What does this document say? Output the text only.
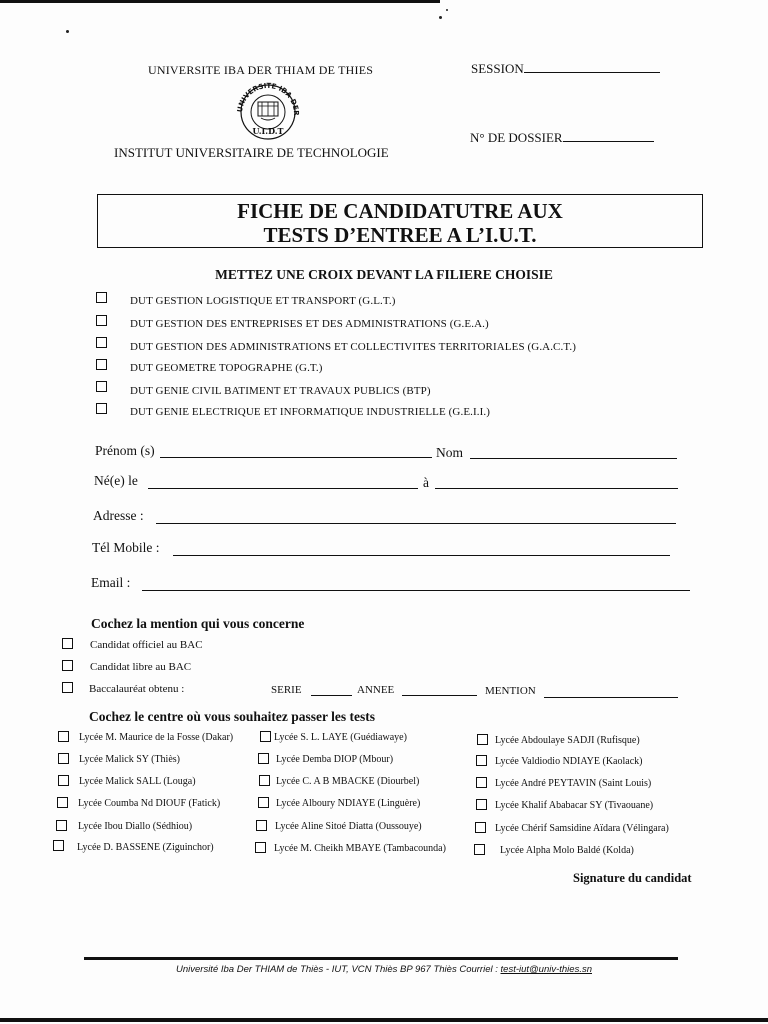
UNIVERSITE IBA DER THIAM DE THIES
UNIVERSITE IBA DER
U.I.D.T
INSTITUT UNIVERSITAIRE DE TECHNOLOGIE
SESSION
N° DE DOSSIER
FICHE DE CANDIDATUTRE AUX
TESTS D’ENTREE A L’I.U.T.
METTEZ UNE CROIX DEVANT LA FILIERE CHOISIE
DUT GESTION LOGISTIQUE ET TRANSPORT (G.L.T.)
DUT GESTION DES ENTREPRISES ET DES ADMINISTRATIONS (G.E.A.)
DUT GESTION DES ADMINISTRATIONS ET COLLECTIVITES TERRITORIALES (G.A.C.T.)
DUT GEOMETRE TOPOGRAPHE (G.T.)
DUT GENIE CIVIL BATIMENT ET TRAVAUX PUBLICS (BTP)
DUT GENIE ELECTRIQUE ET INFORMATIQUE INDUSTRIELLE (G.E.I.I.)
Prénom (s)	Nom
Né(e) le	à
Adresse :
Tél Mobile :
Email :
Cochez la mention qui vous concerne
Candidat officiel au BAC
Candidat libre au BAC
Baccalauréat obtenu :	SERIE	ANNEE	MENTION
Cochez le centre où vous souhaitez passer les tests
Lycée M. Maurice de la Fosse (Dakar)
Lycée Malick SY (Thiès)
Lycée Malick SALL (Louga)
Lycée Coumba Nd DIOUF (Fatick)
Lycée Ibou Diallo (Sédhiou)
Lycée D. BASSENE (Ziguinchor)
Lycée S. L. LAYE (Guédiawaye)
Lycée Demba DIOP (Mbour)
Lycée C. A B MBACKE (Diourbel)
Lycée Alboury NDIAYE (Linguère)
Lycée Aline Sitoé Diatta (Oussouye)
Lycée M. Cheikh MBAYE (Tambacounda)
Lycée Abdoulaye SADJI (Rufisque)
Lycée Valdiodio NDIAYE (Kaolack)
Lycée André PEYTAVIN (Saint Louis)
Lycée Khalif Ababacar SY (Tivaouane)
Lycée Chérif Samsidine Aïdara (Vélingara)
Lycée Alpha Molo Baldé (Kolda)
Signature du candidat
Université Iba Der THIAM de Thiès - IUT, VCN Thiès BP 967 Thiès Courriel : test-iut@univ-thies.sn
